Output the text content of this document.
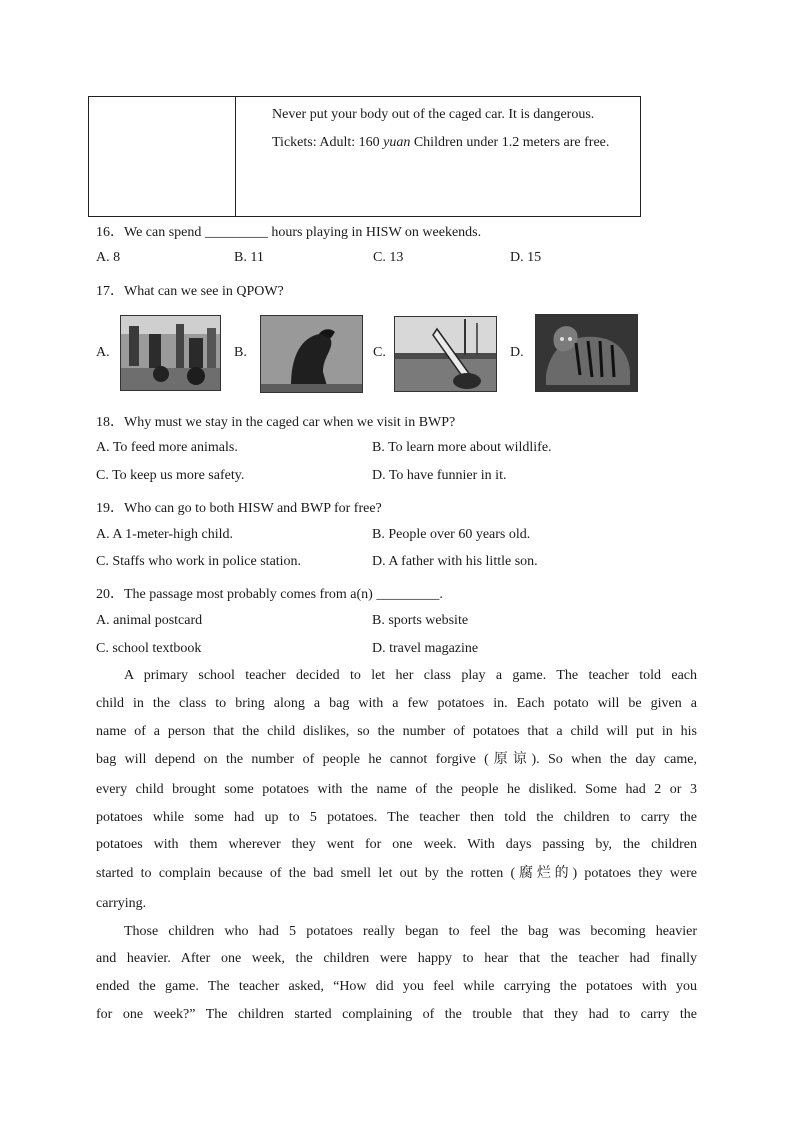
Never put your body out of the caged car. It is dangerous.

Tickets: Adult: 160 yuan Children under 1.2 meters are free.

16．We can spend _________ hours playing in HISW on weekends.
A. 8	B. 11	C. 13	D. 15
17．What can we see in QPOW?
A.	B.	C.	D.
18．Why must we stay in the caged car when we visit in BWP?
A. To feed more animals.	B. To learn more about wildlife.
C. To keep us more safety.	D. To have funnier in it.
19．Who can go to both HISW and BWP for free?
A. A 1-meter-high child.	B. People over 60 years old.
C. Staffs who work in police station.	D. A father with his little son.
20．The passage most probably comes from a(n) _________.
A. animal postcard	B. sports website
C. school textbook	D. travel magazine
A primary school teacher decided to let her class play a game. The teacher told each
child in the class to bring along a bag with a few potatoes in. Each potato will be given a
name of a person that the child dislikes, so the number of potatoes that a child will put in his
bag will depend on the number of people he cannot forgive (原谅). So when the day came,
every child brought some potatoes with the name of the people he disliked. Some had 2 or 3
potatoes while some had up to 5 potatoes. The teacher then told the children to carry the
potatoes with them wherever they went for one week. With days passing by, the children
started to complain because of the bad smell let out by the rotten (腐烂的) potatoes they were
carrying.
Those children who had 5 potatoes really began to feel the bag was becoming heavier
and heavier. After one week, the children were happy to hear that the teacher had finally
ended the game. The teacher asked, “How did you feel while carrying the potatoes with you
for one week?” The children started complaining of the trouble that they had to carry the
